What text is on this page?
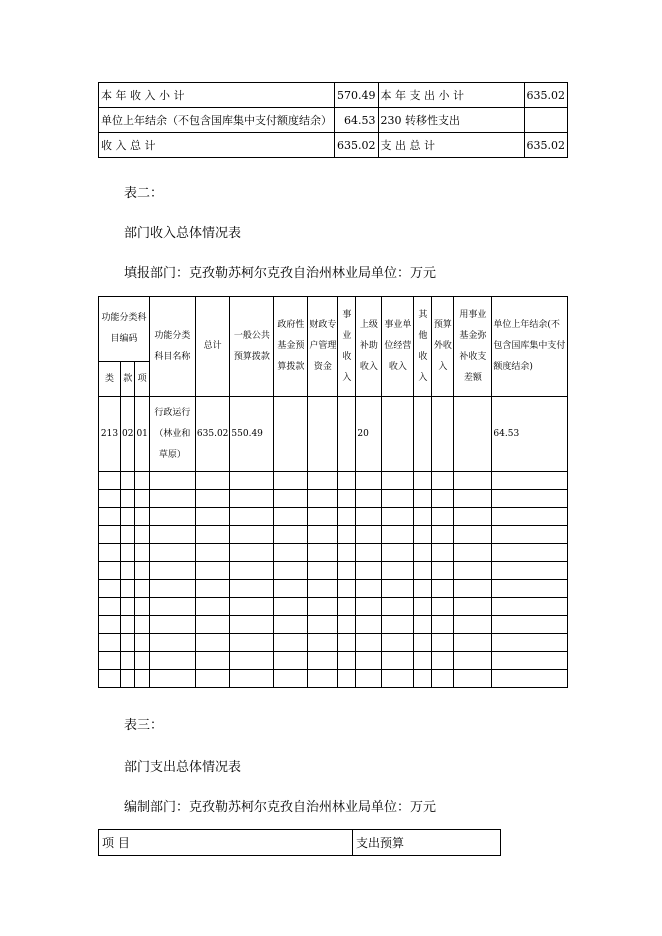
本 年 收 入 小 计	570.49	本 年 支 出 小 计	635.02
单位上年结余（不包含国库集中支付额度结余）	64.53	230 转移性支出	
收 入 总 计	635.02	支 出 总 计	635.02
表二：
部门收入总体情况表
填报部门：克孜勒苏柯尔克孜自治州林业局单位：万元
功能分类科目编码			功能分类科目名称	总计	一般公共预算拨款	政府性基金预算拨款	财政专户管理资金	事业收入	上级补助收入	事业单位经营收入	其他收入	预算外收入	用事业基金弥补收支差额	单位上年结余(不包含国库集中支付额度结余)
类	款	项												
213	02	01	行政运行（林业和草原）	635.02	550.49				20					64.53

表三：
部门支出总体情况表
编制部门：克孜勒苏柯尔克孜自治州林业局单位：万元
项 目	支出预算
